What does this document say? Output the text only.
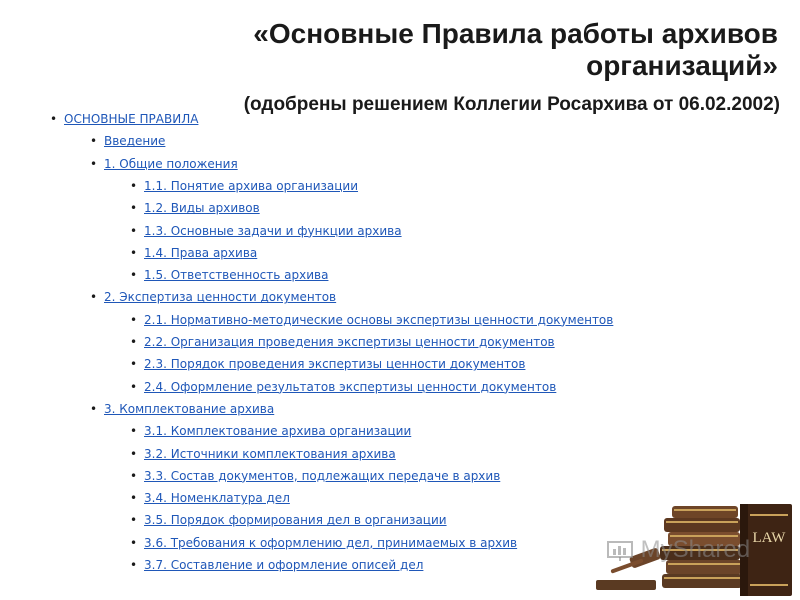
«Основные Правила работы архивов организаций»
(одобрены решением Коллегии Росархива от 06.02.2002)
• ОСНОВНЫЕ ПРАВИЛА
• Введение
• 1. Общие положения
• 1.1. Понятие архива организации
• 1.2. Виды архивов
• 1.3. Основные задачи и функции архива
• 1.4. Права архива
• 1.5. Ответственность архива
• 2. Экспертиза ценности документов
• 2.1. Нормативно-методические основы экспертизы ценности документов
• 2.2. Организация проведения экспертизы ценности документов
• 2.3. Порядок проведения экспертизы ценности документов
• 2.4. Оформление результатов экспертизы ценности документов
• 3. Комплектование архива
• 3.1. Комплектование архива организации
• 3.2. Источники комплектования архива
• 3.3. Состав документов, подлежащих передаче в архив
• 3.4. Номенклатура дел
• 3.5. Порядок формирования дел в организации
• 3.6. Требования к оформлению дел, принимаемых в архив
• 3.7. Составление и оформление описей дел
LAW
MyShared
